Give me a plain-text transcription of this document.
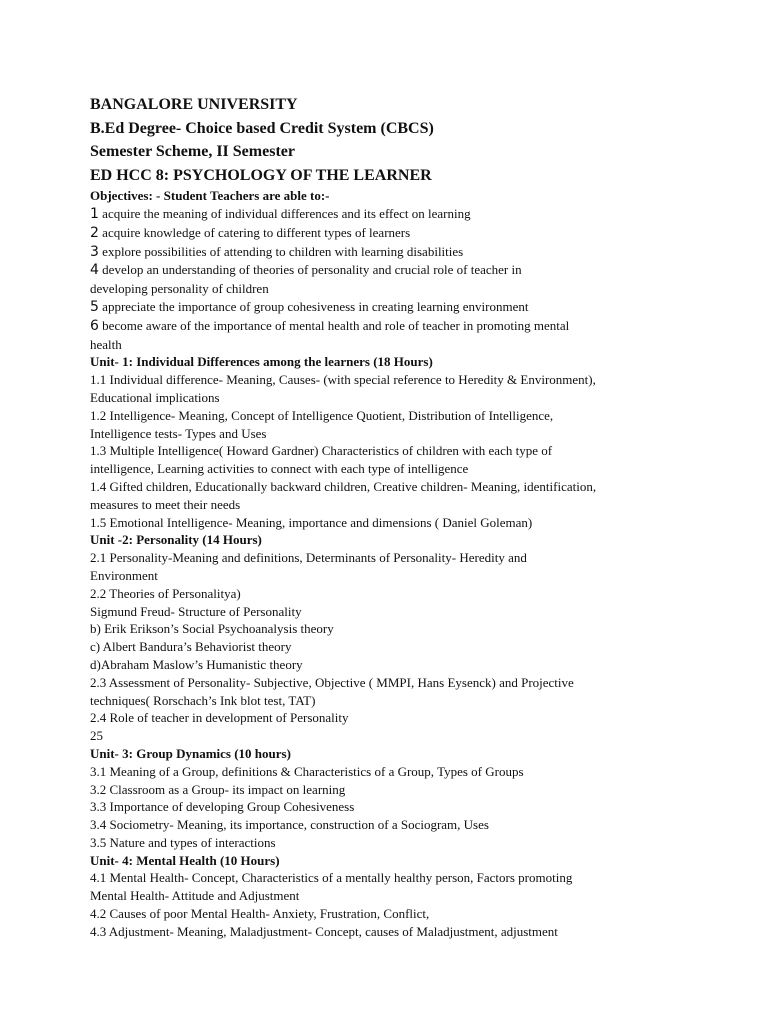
BANGALORE UNIVERSITY
B.Ed Degree- Choice based Credit System (CBCS)
Semester Scheme, II Semester
ED HCC 8: PSYCHOLOGY OF THE LEARNER
Objectives: - Student Teachers are able to:-
1 acquire the meaning of individual differences and its effect on learning
2 acquire knowledge of catering to different types of learners
3 explore possibilities of attending to children with learning disabilities
4 develop an understanding of theories of personality and crucial role of teacher in
developing personality of children
5 appreciate the importance of group cohesiveness in creating learning environment
6 become aware of the importance of mental health and role of teacher in promoting mental
health
Unit- 1: Individual Differences among the learners (18 Hours)
1.1 Individual difference- Meaning, Causes- (with special reference to Heredity & Environment),
Educational implications
1.2 Intelligence- Meaning, Concept of Intelligence Quotient, Distribution of Intelligence,
Intelligence tests- Types and Uses
1.3 Multiple Intelligence( Howard Gardner) Characteristics of children with each type of
intelligence, Learning activities to connect with each type of intelligence
1.4 Gifted children, Educationally backward children, Creative children- Meaning, identification,
measures to meet their needs
1.5 Emotional Intelligence- Meaning, importance and dimensions ( Daniel Goleman)
Unit -2: Personality (14 Hours)
2.1 Personality-Meaning and definitions, Determinants of Personality- Heredity and
Environment
2.2 Theories of Personalitya)
Sigmund Freud- Structure of Personality
b) Erik Erikson’s Social Psychoanalysis theory
c) Albert Bandura’s Behaviorist theory
d)Abraham Maslow’s Humanistic theory
2.3 Assessment of Personality- Subjective, Objective ( MMPI, Hans Eysenck) and Projective
techniques( Rorschach’s Ink blot test, TAT)
2.4 Role of teacher in development of Personality
25
Unit- 3: Group Dynamics (10 hours)
3.1 Meaning of a Group, definitions & Characteristics of a Group, Types of Groups
3.2 Classroom as a Group- its impact on learning
3.3 Importance of developing Group Cohesiveness
3.4 Sociometry- Meaning, its importance, construction of a Sociogram, Uses
3.5 Nature and types of interactions
Unit- 4: Mental Health (10 Hours)
4.1 Mental Health- Concept, Characteristics of a mentally healthy person, Factors promoting
Mental Health- Attitude and Adjustment
4.2 Causes of poor Mental Health- Anxiety, Frustration, Conflict,
4.3 Adjustment- Meaning, Maladjustment- Concept, causes of Maladjustment, adjustment
